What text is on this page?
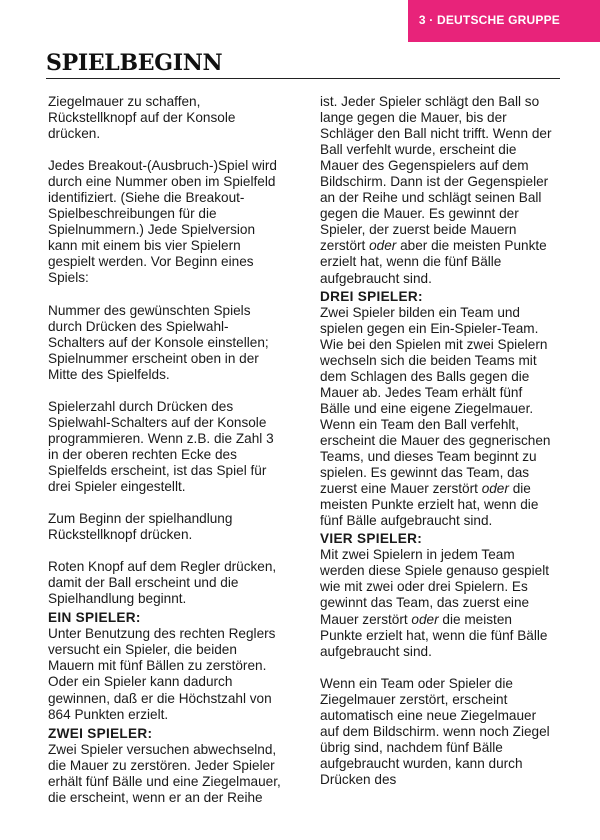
3 · DEUTSCHE GRUPPE
SPIELBEGINN

Ziegelmauer zu schaffen, Rückstellknopf auf der Konsole drücken.

Jedes Breakout-(Ausbruch-)Spiel wird durch eine Nummer oben im Spielfeld identifiziert. (Siehe die Breakout-Spielbeschreibungen für die Spielnummern.) Jede Spielversion kann mit einem bis vier Spielern gespielt werden. Vor Beginn eines Spiels:

Nummer des gewünschten Spiels durch Drücken des Spielwahl-Schalters auf der Konsole einstellen; Spielnummer erscheint oben in der Mitte des Spielfelds.

Spielerzahl durch Drücken des Spielwahl-Schalters auf der Konsole programmieren. Wenn z.B. die Zahl 3 in der oberen rechten Ecke des Spielfelds erscheint, ist das Spiel für drei Spieler eingestellt.

Zum Beginn der spielhandlung Rückstellknopf drücken.

Roten Knopf auf dem Regler drücken, damit der Ball erscheint und die Spielhandlung beginnt.

EIN SPIELER:

Unter Benutzung des rechten Reglers versucht ein Spieler, die beiden Mauern mit fünf Bällen zu zerstören. Oder ein Spieler kann dadurch gewinnen, daß er die Höchstzahl von 864 Punkten erzielt.

ZWEI SPIELER:

Zwei Spieler versuchen abwechselnd, die Mauer zu zerstören. Jeder Spieler erhält fünf Bälle und eine Ziegelmauer, die erscheint, wenn er an der Reihe

ist. Jeder Spieler schlägt den Ball so lange gegen die Mauer, bis der Schläger den Ball nicht trifft. Wenn der Ball verfehlt wurde, erscheint die Mauer des Gegenspielers auf dem Bildschirm. Dann ist der Gegenspieler an der Reihe und schlägt seinen Ball gegen die Mauer. Es gewinnt der Spieler, der zuerst beide Mauern zerstört oder aber die meisten Punkte erzielt hat, wenn die fünf Bälle aufgebraucht sind.

DREI SPIELER:

Zwei Spieler bilden ein Team und spielen gegen ein Ein-Spieler-Team. Wie bei den Spielen mit zwei Spielern wechseln sich die beiden Teams mit dem Schlagen des Balls gegen die Mauer ab. Jedes Team erhält fünf Bälle und eine eigene Ziegelmauer. Wenn ein Team den Ball verfehlt, erscheint die Mauer des gegnerischen Teams, und dieses Team beginnt zu spielen. Es gewinnt das Team, das zuerst eine Mauer zerstört oder die meisten Punkte erzielt hat, wenn die fünf Bälle aufgebraucht sind.

VIER SPIELER:

Mit zwei Spielern in jedem Team werden diese Spiele genauso gespielt wie mit zwei oder drei Spielern. Es gewinnt das Team, das zuerst eine Mauer zerstört oder die meisten Punkte erzielt hat, wenn die fünf Bälle aufgebraucht sind.

Wenn ein Team oder Spieler die Ziegelmauer zerstört, erscheint automatisch eine neue Ziegelmauer auf dem Bildschirm. wenn noch Ziegel übrig sind, nachdem fünf Bälle aufgebraucht wurden, kann durch Drücken des
